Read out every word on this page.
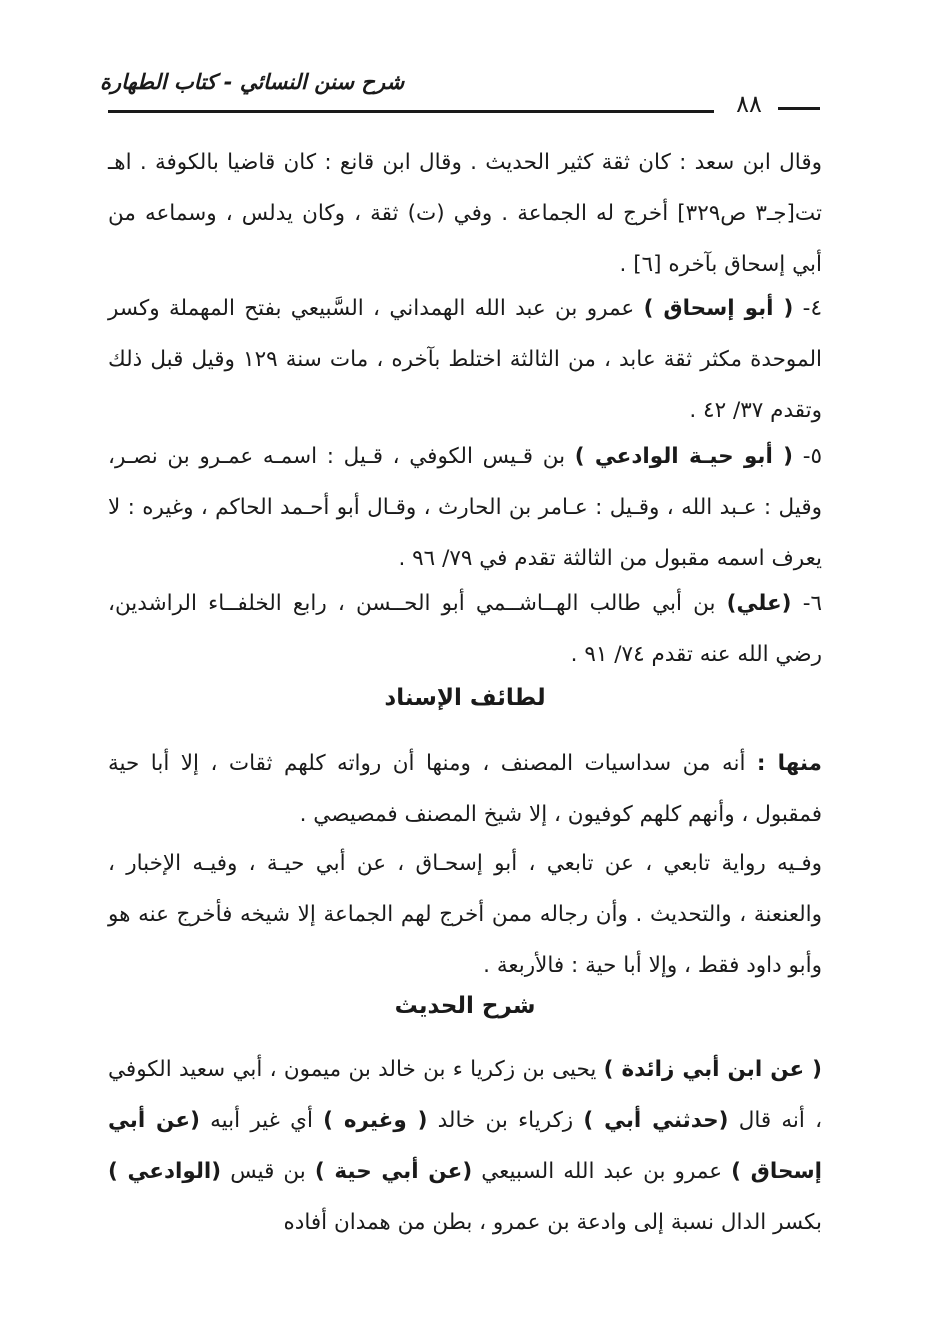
شرح سنن النسائي - كتاب الطهارة
٨٨
وقال ابن سعد : كان ثقة كثير الحديث . وقال ابن قانع : كان قاضيا بالكوفة . اهـ تت[جـ٣ ص٣٢٩] أخرج له الجماعة . وفي (ت) ثقة ، وكان يدلس ، وسماعه من أبي إسحاق بآخره [٦] .
٤- ( أبو إسحاق ) عمرو بن عبد الله الهمداني ، السَّبيعي بفتح المهملة وكسر الموحدة مكثر ثقة عابد ، من الثالثة اختلط بآخره ، مات سنة ١٢٩ وقيل قبل ذلك وتقدم ٣٧/ ٤٢ .
٥- ( أبو حيـة الوادعي ) بن قـيس الكوفي ، قـيل : اسمـه عمـرو بن نصـر، وقيل : عـبد الله ، وقـيل : عـامر بن الحارث ، وقـال أبو أحـمد الحاكم ، وغيره : لا يعرف اسمه مقبول من الثالثة تقدم في ٧٩/ ٩٦ .
٦- (علي) بن أبي طالب الهــاشــمي أبو الحــسن ، رابع الخلفــاء الراشدين، رضي الله عنه تقدم ٧٤/ ٩١ .
لطائف الإسناد
منها : أنه من سداسيات المصنف ، ومنها أن رواته كلهم ثقات ، إلا أبا حية فمقبول ، وأنهم كلهم كوفيون ، إلا شيخ المصنف فمصيصي .
وفـيه رواية تابعي ، عن تابعي ، أبو إسحـاق ، عن أبي حيـة ، وفيـه الإخبار ، والعنعنة ، والتحديث . وأن رجاله ممن أخرج لهم الجماعة إلا شيخه فأخرج عنه هو وأبو داود فقط ، وإلا أبا حية : فالأربعة .
شرح الحديث
( عن ابن أبي زائدة ) يحيى بن زكريا ء بن خالد بن ميمون ، أبي سعيد الكوفي ، أنه قال (حدثني أبي ) زكرياء بن خالد ( وغيره ) أي غير أبيه (عن أبي إسحاق ) عمرو بن عبد الله السبيعي (عن أبي حية ) بن قيس (الوادعي ) بكسر الدال نسبة إلى وادعة بن عمرو ، بطن من همدان أفاده
